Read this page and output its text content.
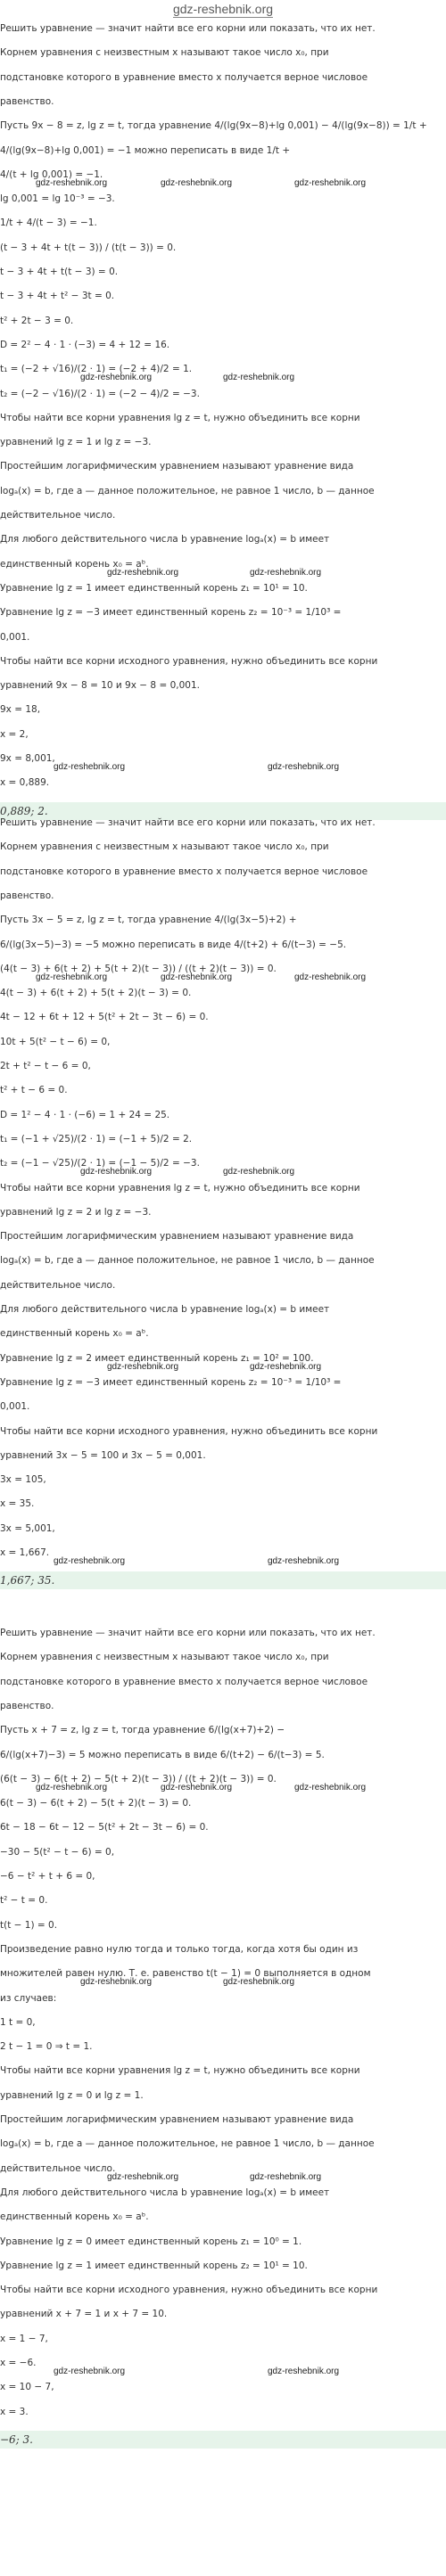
gdz-reshebnik.org
Решить уравнение — значит найти все его корни или показать, что их нет.
Корнем уравнения с неизвестным x называют такое число x₀, при
подстановке которого в уравнение вместо x получается верное числовое
равенство.
Пусть 9x − 8 = z, lg z = t, тогда уравнение 4/(lg(9x−8)+lg 0,001) − 4/(lg(9x−8)) = 1/t +
4/(lg(9x−8)+lg 0,001) = −1 можно переписать в виде 1/t +
4/(t + lg 0,001) = −1.
lg 0,001 = lg 10⁻³ = −3.
1/t + 4/(t − 3) = −1.
(t − 3 + 4t + t(t − 3)) / (t(t − 3)) = 0.
t − 3 + 4t + t(t − 3) = 0.
t − 3 + 4t + t² − 3t = 0.
t² + 2t − 3 = 0.
D = 2² − 4 · 1 · (−3) = 4 + 12 = 16.
t₁ = (−2 + √16)/(2 · 1) = (−2 + 4)/2 = 1.
t₂ = (−2 − √16)/(2 · 1) = (−2 − 4)/2 = −3.
Чтобы найти все корни уравнения lg z = t, нужно объединить все корни
уравнений lg z = 1 и lg z = −3.
Простейшим логарифмическим уравнением называют уравнение вида
logₐ(x) = b, где a — данное положительное, не равное 1 число, b — данное
действительное число.
Для любого действительного числа b уравнение logₐ(x) = b имеет
единственный корень x₀ = aᵇ.
Уравнение lg z = 1 имеет единственный корень z₁ = 10¹ = 10.
Уравнение lg z = −3 имеет единственный корень z₂ = 10⁻³ = 1/10³ =
0,001.
Чтобы найти все корни исходного уравнения, нужно объединить все корни
уравнений 9x − 8 = 10 и 9x − 8 = 0,001.
9x = 18,
x = 2,
9x = 8,001,
x = 0,889.
0,889; 2.
gdz-reshebnik.org	gdz-reshebnik.org	gdz-reshebnik.org
gdz-reshebnik.org	gdz-reshebnik.org
gdz-reshebnik.org	gdz-reshebnik.org
gdz-reshebnik.org	gdz-reshebnik.org
Решить уравнение — значит найти все его корни или показать, что их нет.
Корнем уравнения с неизвестным x называют такое число x₀, при
подстановке которого в уравнение вместо x получается верное числовое
равенство.
Пусть 3x − 5 = z, lg z = t, тогда уравнение 4/(lg(3x−5)+2) +
6/(lg(3x−5)−3) = −5 можно переписать в виде 4/(t+2) + 6/(t−3) = −5.
(4(t − 3) + 6(t + 2) + 5(t + 2)(t − 3)) / ((t + 2)(t − 3)) = 0.
4(t − 3) + 6(t + 2) + 5(t + 2)(t − 3) = 0.
4t − 12 + 6t + 12 + 5(t² + 2t − 3t − 6) = 0.
10t + 5(t² − t − 6) = 0,
2t + t² − t − 6 = 0,
t² + t − 6 = 0.
D = 1² − 4 · 1 · (−6) = 1 + 24 = 25.
t₁ = (−1 + √25)/(2 · 1) = (−1 + 5)/2 = 2.
t₂ = (−1 − √25)/(2 · 1) = (−1 − 5)/2 = −3.
Чтобы найти все корни уравнения lg z = t, нужно объединить все корни
уравнений lg z = 2 и lg z = −3.
Простейшим логарифмическим уравнением называют уравнение вида
logₐ(x) = b, где a — данное положительное, не равное 1 число, b — данное
действительное число.
Для любого действительного числа b уравнение logₐ(x) = b имеет
единственный корень x₀ = aᵇ.
Уравнение lg z = 2 имеет единственный корень z₁ = 10² = 100.
Уравнение lg z = −3 имеет единственный корень z₂ = 10⁻³ = 1/10³ =
0,001.
Чтобы найти все корни исходного уравнения, нужно объединить все корни
уравнений 3x − 5 = 100 и 3x − 5 = 0,001.
3x = 105,
x = 35.
3x = 5,001,
x = 1,667.
1,667; 35.
gdz-reshebnik.org	gdz-reshebnik.org	gdz-reshebnik.org
gdz-reshebnik.org	gdz-reshebnik.org
gdz-reshebnik.org	gdz-reshebnik.org
gdz-reshebnik.org	gdz-reshebnik.org
Решить уравнение — значит найти все его корни или показать, что их нет.
Корнем уравнения с неизвестным x называют такое число x₀, при
подстановке которого в уравнение вместо x получается верное числовое
равенство.
Пусть x + 7 = z, lg z = t, тогда уравнение 6/(lg(x+7)+2) −
6/(lg(x+7)−3) = 5 можно переписать в виде 6/(t+2) − 6/(t−3) = 5.
(6(t − 3) − 6(t + 2) − 5(t + 2)(t − 3)) / ((t + 2)(t − 3)) = 0.
6(t − 3) − 6(t + 2) − 5(t + 2)(t − 3) = 0.
6t − 18 − 6t − 12 − 5(t² + 2t − 3t − 6) = 0.
−30 − 5(t² − t − 6) = 0,
−6 − t² + t + 6 = 0,
t² − t = 0.
t(t − 1) = 0.
Произведение равно нулю тогда и только тогда, когда хотя бы один из
множителей равен нулю. Т. е. равенство t(t − 1) = 0 выполняется в одном
из случаев:
1 t = 0,
2 t − 1 = 0 ⇒ t = 1.
Чтобы найти все корни уравнения lg z = t, нужно объединить все корни
уравнений lg z = 0 и lg z = 1.
Простейшим логарифмическим уравнением называют уравнение вида
logₐ(x) = b, где a — данное положительное, не равное 1 число, b — данное
действительное число.
Для любого действительного числа b уравнение logₐ(x) = b имеет
единственный корень x₀ = aᵇ.
Уравнение lg z = 0 имеет единственный корень z₁ = 10⁰ = 1.
Уравнение lg z = 1 имеет единственный корень z₂ = 10¹ = 10.
Чтобы найти все корни исходного уравнения, нужно объединить все корни
уравнений x + 7 = 1 и x + 7 = 10.
x = 1 − 7,
x = −6.
x = 10 − 7,
x = 3.
−6; 3.
gdz-reshebnik.org	gdz-reshebnik.org	gdz-reshebnik.org
gdz-reshebnik.org	gdz-reshebnik.org
gdz-reshebnik.org	gdz-reshebnik.org
gdz-reshebnik.org	gdz-reshebnik.org
